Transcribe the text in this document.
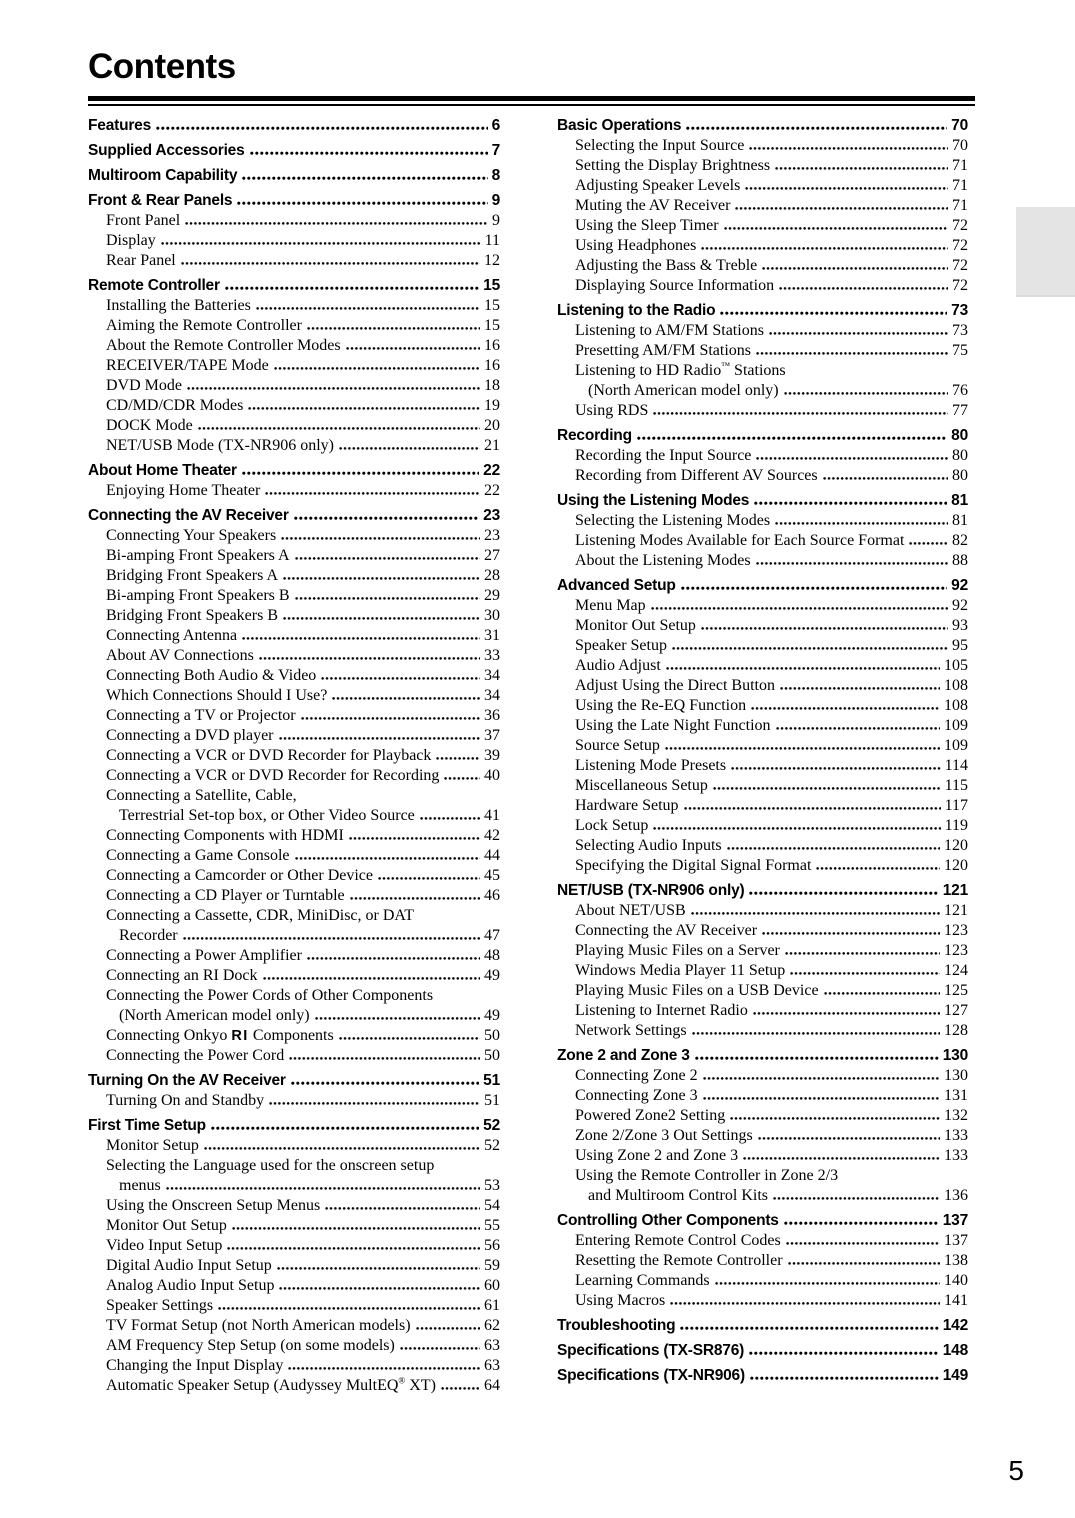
Contents
Features	6
Supplied Accessories	7
Multiroom Capability	8
Front & Rear Panels	9
Front Panel	9
Display	11
Rear Panel	12
Remote Controller	15
Installing the Batteries	15
Aiming the Remote Controller	15
About the Remote Controller Modes	16
RECEIVER/TAPE Mode	16
DVD Mode	18
CD/MD/CDR Modes	19
DOCK Mode	20
NET/USB Mode (TX-NR906 only)	21
About Home Theater	22
Enjoying Home Theater	22
Connecting the AV Receiver	23
Connecting Your Speakers	23
Bi-amping Front Speakers A	27
Bridging Front Speakers A	28
Bi-amping Front Speakers B	29
Bridging Front Speakers B	30
Connecting Antenna	31
About AV Connections	33
Connecting Both Audio & Video	34
Which Connections Should I Use?	34
Connecting a TV or Projector	36
Connecting a DVD player	37
Connecting a VCR or DVD Recorder for Playback	39
Connecting a VCR or DVD Recorder for Recording	40
Connecting a Satellite, Cable,
Terrestrial Set-top box, or Other Video Source	41
Connecting Components with HDMI	42
Connecting a Game Console	44
Connecting a Camcorder or Other Device	45
Connecting a CD Player or Turntable	46
Connecting a Cassette, CDR, MiniDisc, or DAT
Recorder	47
Connecting a Power Amplifier	48
Connecting an RI Dock	49
Connecting the Power Cords of Other Components
(North American model only)	49
Connecting Onkyo RI Components	50
Connecting the Power Cord	50
Turning On the AV Receiver	51
Turning On and Standby	51
First Time Setup	52
Monitor Setup	52
Selecting the Language used for the onscreen setup
menus	53
Using the Onscreen Setup Menus	54
Monitor Out Setup	55
Video Input Setup	56
Digital Audio Input Setup	59
Analog Audio Input Setup	60
Speaker Settings	61
TV Format Setup (not North American models)	62
AM Frequency Step Setup (on some models)	63
Changing the Input Display	63
Automatic Speaker Setup (Audyssey MultEQ® XT)	64
Basic Operations	70
Selecting the Input Source	70
Setting the Display Brightness	71
Adjusting Speaker Levels	71
Muting the AV Receiver	71
Using the Sleep Timer	72
Using Headphones	72
Adjusting the Bass & Treble	72
Displaying Source Information	72
Listening to the Radio	73
Listening to AM/FM Stations	73
Presetting AM/FM Stations	75
Listening to HD Radio™ Stations
(North American model only)	76
Using RDS	77
Recording	80
Recording the Input Source	80
Recording from Different AV Sources	80
Using the Listening Modes	81
Selecting the Listening Modes	81
Listening Modes Available for Each Source Format	82
About the Listening Modes	88
Advanced Setup	92
Menu Map	92
Monitor Out Setup	93
Speaker Setup	95
Audio Adjust	105
Adjust Using the Direct Button	108
Using the Re-EQ Function	108
Using the Late Night Function	109
Source Setup	109
Listening Mode Presets	114
Miscellaneous Setup	115
Hardware Setup	117
Lock Setup	119
Selecting Audio Inputs	120
Specifying the Digital Signal Format	120
NET/USB (TX-NR906 only)	121
About NET/USB	121
Connecting the AV Receiver	123
Playing Music Files on a Server	123
Windows Media Player 11 Setup	124
Playing Music Files on a USB Device	125
Listening to Internet Radio	127
Network Settings	128
Zone 2 and Zone 3	130
Connecting Zone 2	130
Connecting Zone 3	131
Powered Zone2 Setting	132
Zone 2/Zone 3 Out Settings	133
Using Zone 2 and Zone 3	133
Using the Remote Controller in Zone 2/3
and Multiroom Control Kits	136
Controlling Other Components	137
Entering Remote Control Codes	137
Resetting the Remote Controller	138
Learning Commands	140
Using Macros	141
Troubleshooting	142
Specifications (TX-SR876)	148
Specifications (TX-NR906)	149
5
